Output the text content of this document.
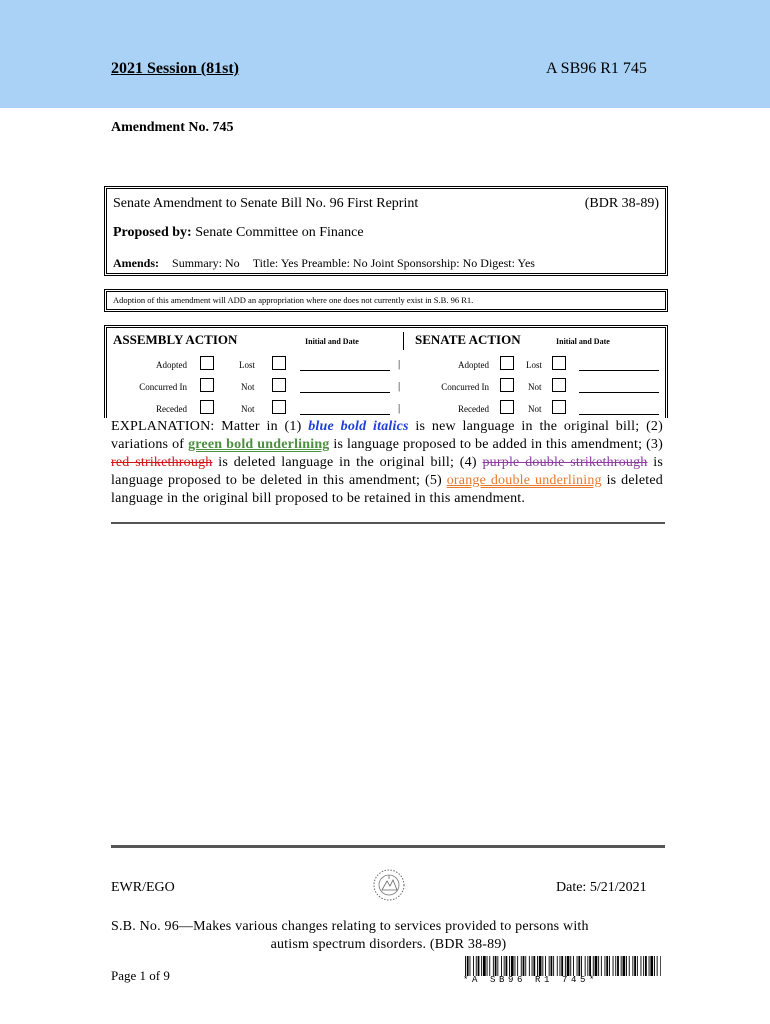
2021 Session (81st)	A SB96 R1 745
Amendment No. 745
Senate Amendment to Senate Bill No. 96 First Reprint	(BDR 38-89)
Proposed by: Senate Committee on Finance
Amends: Summary: No Title: Yes Preamble: No Joint Sponsorship: No Digest: Yes
Adoption of this amendment will ADD an appropriation where one does not currently exist in S.B. 96 R1.
ASSEMBLY ACTION	Initial and Date	SENATE ACTION	Initial and Date
Adopted	Lost	|	Adopted	Lost
Concurred In	Not	|	Concurred In	Not
Receded	Not	|	Receded	Not
EXPLANATION: Matter in (1) blue bold italics is new language in the original bill; (2) variations of green bold underlining is language proposed to be added in this amendment; (3) red strikethrough is deleted language in the original bill; (4) purple double strikethrough is language proposed to be deleted in this amendment; (5) orange double underlining is deleted language in the original bill proposed to be retained in this amendment.
EWR/EGO	Date: 5/21/2021
S.B. No. 96—Makes various changes relating to services provided to persons with
autism spectrum disorders. (BDR 38-89)
Page 1 of 9	*A SB96 R1 745*
